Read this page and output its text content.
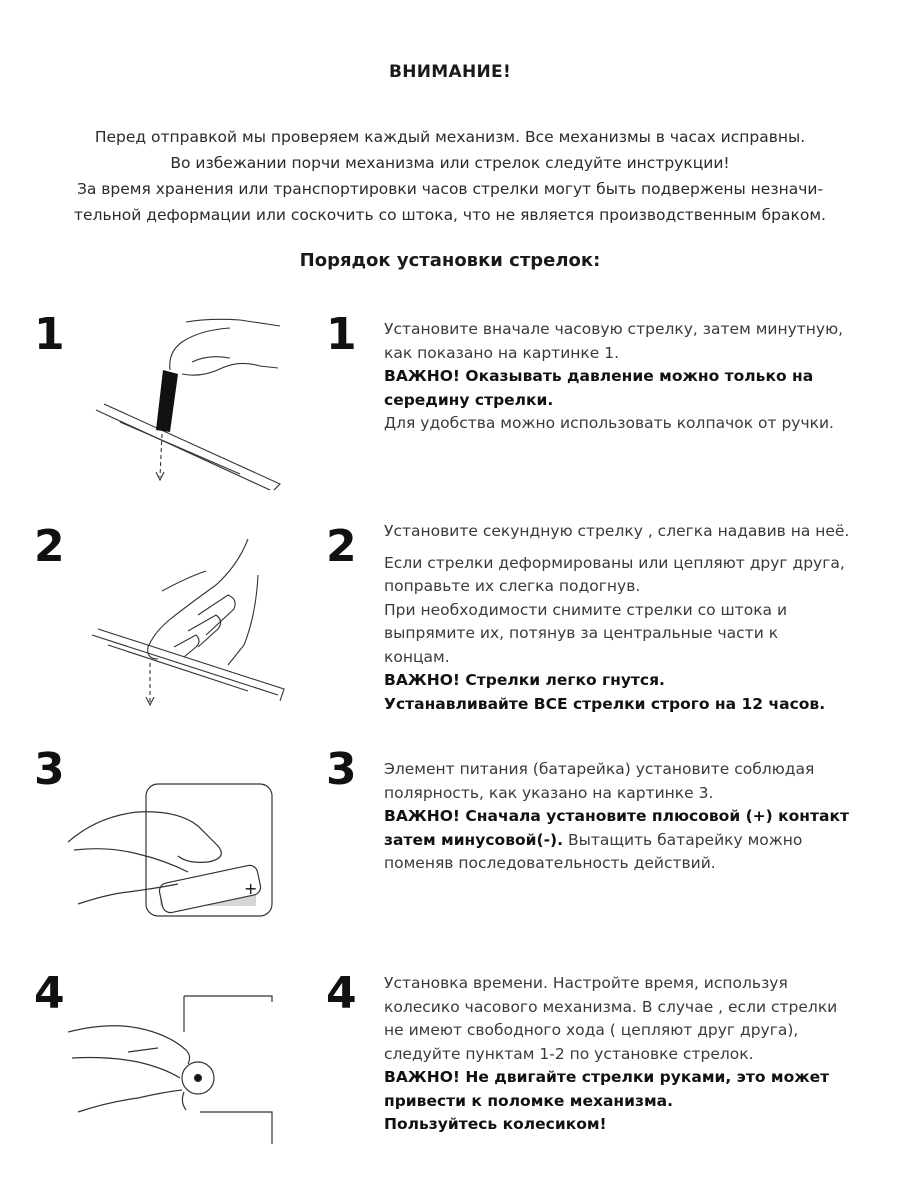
ВНИМАНИЕ!
Перед отправкой мы проверяем каждый механизм. Все механизмы в часах исправны.
Во избежании порчи механизма или стрелок следуйте инструкции!
За время хранения или транспортировки часов стрелки могут быть подвержены незначи-
тельной деформации или соскочить со штока, что не является производственным браком.
Порядок установки стрелок:
1	1 Установите вначале часовую стрелку, затем минутную,
как показано на картинке 1.
ВАЖНО! Оказывать давление можно только на
середину стрелки.
Для удобства можно использовать колпачок от ручки.
2	2 Установите секундную стрелку , слегка надавив на неё.
Если стрелки деформированы или цепляют друг друга,
поправьте их слегка подогнув.
При необходимости снимите стрелки со штока и
выпрямите их, потянув за центральные части к
концам.
ВАЖНО! Стрелки легко гнутся.
Устанавливайте ВСЕ стрелки строго на 12 часов.
3
+
3 Элемент питания (батарейка) установите соблюдая
полярность, как указано на картинке 3.
ВАЖНО! Сначала установите плюсовой (+) контакт
затем минусовой(-). Вытащить батарейку можно
поменяв последовательность действий.
4	4 Установка времени. Настройте время, используя
колесико часового механизма. В случае , если стрелки
не имеют свободного хода ( цепляют друг друга),
следуйте пунктам 1-2 по установке стрелок.
ВАЖНО! Не двигайте стрелки руками, это может
привести к поломке механизма.
Пользуйтесь колесиком!
